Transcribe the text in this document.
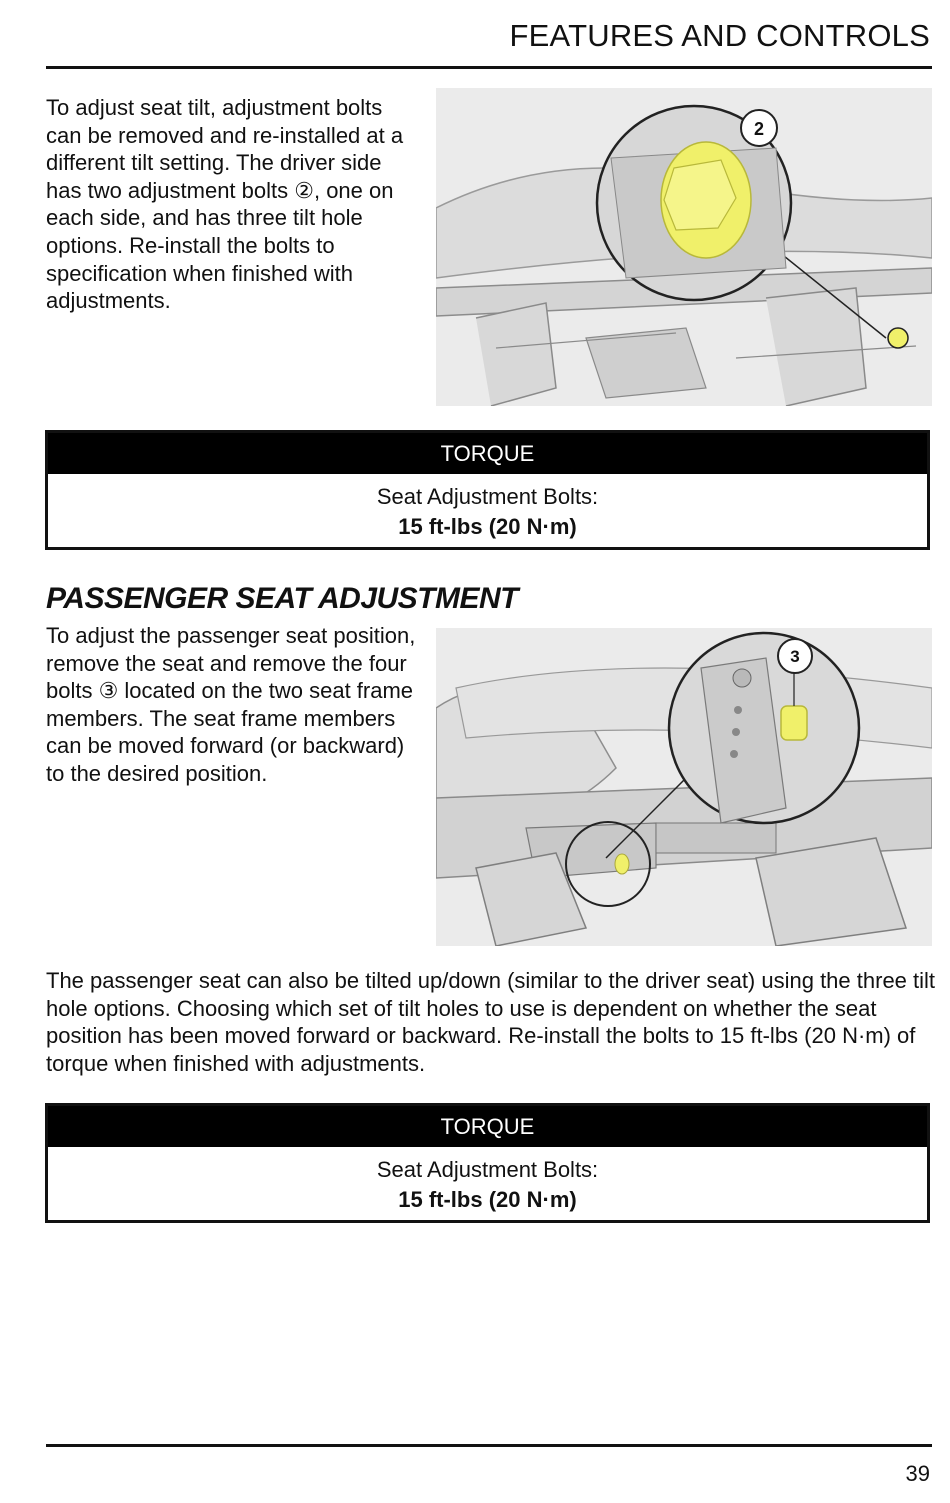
FEATURES AND CONTROLS

To adjust seat tilt, adjustment bolts can be removed and re-installed at a different tilt setting. The driver side has two adjustment bolts ②, one on each side, and has three tilt hole options. Re-install the bolts to specification when finished with adjustments.

2
TORQUE
Seat Adjustment Bolts:
15 ft-lbs (20 N·m)
PASSENGER SEAT ADJUSTMENT

To adjust the passenger seat position, remove the seat and remove the four bolts ③ located on the two seat frame members. The seat frame members can be moved forward (or backward) to the desired position.

3

The passenger seat can also be tilted up/down (similar to the driver seat) using the three tilt hole options. Choosing which set of tilt holes to use is dependent on whether the seat position has been moved forward or backward. Re-install the bolts to 15 ft-lbs (20 N·m) of torque when finished with adjustments.

TORQUE
Seat Adjustment Bolts:
15 ft-lbs (20 N·m)
39
